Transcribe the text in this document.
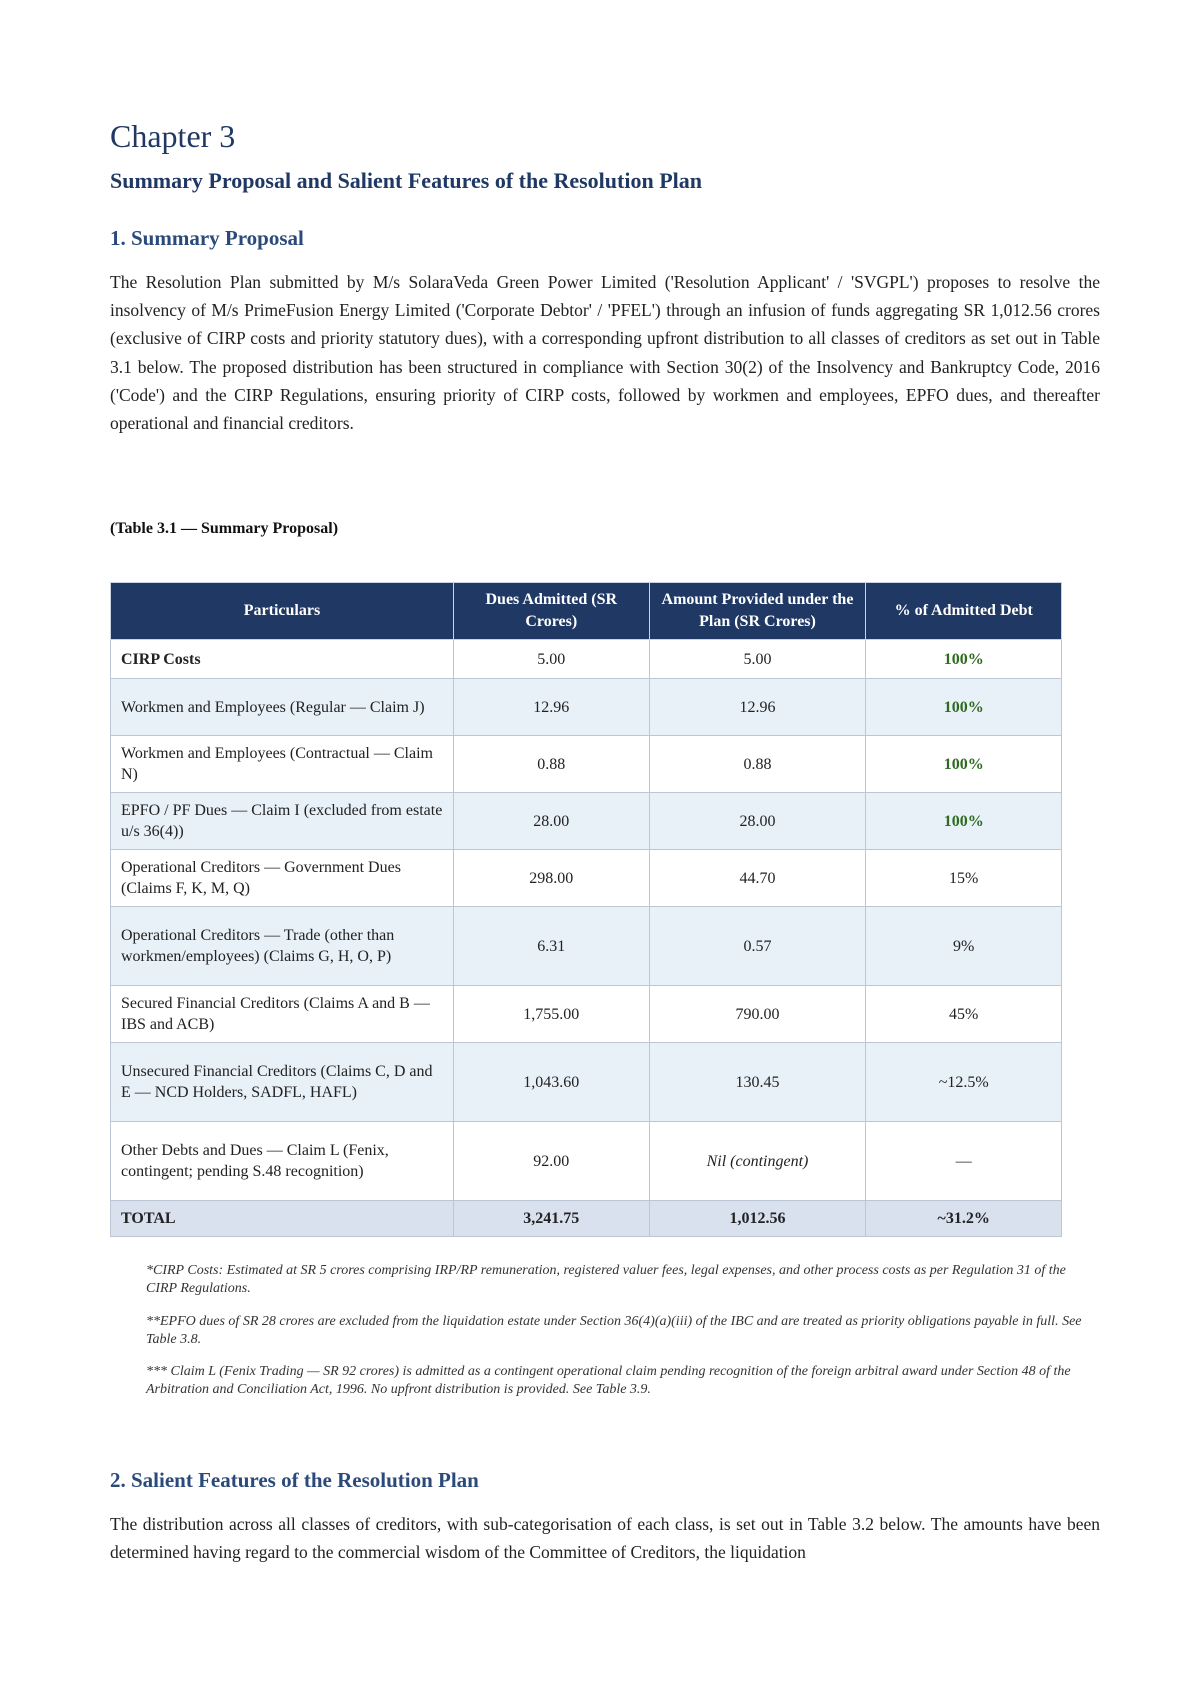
Chapter 3
Summary Proposal and Salient Features of the Resolution Plan
1. Summary Proposal

The Resolution Plan submitted by M/s SolaraVeda Green Power Limited ('Resolution Applicant' / 'SVGPL') proposes to resolve the insolvency of M/s PrimeFusion Energy Limited ('Corporate Debtor' / 'PFEL') through an infusion of funds aggregating SR 1,012.56 crores (exclusive of CIRP costs and priority statutory dues), with a corresponding upfront distribution to all classes of creditors as set out in Table 3.1 below. The proposed distribution has been structured in compliance with Section 30(2) of the Insolvency and Bankruptcy Code, 2016 ('Code') and the CIRP Regulations, ensuring priority of CIRP costs, followed by workmen and employees, EPFO dues, and thereafter operational and financial creditors.

(Table 3.1 — Summary Proposal)

Particulars	Dues Admitted (SR Crores)	Amount Provided under the Plan (SR Crores)	% of Admitted Debt
CIRP Costs	5.00	5.00	100%
Workmen and Employees (Regular — Claim J)	12.96	12.96	100%
Workmen and Employees (Contractual — Claim N)	0.88	0.88	100%
EPFO / PF Dues — Claim I (excluded from estate u/s 36(4))	28.00	28.00	100%
Operational Creditors — Government Dues (Claims F, K, M, Q)	298.00	44.70	15%
Operational Creditors — Trade (other than workmen/employees) (Claims G, H, O, P)	6.31	0.57	9%
Secured Financial Creditors (Claims A and B — IBS and ACB)	1,755.00	790.00	45%
Unsecured Financial Creditors (Claims C, D and E — NCD Holders, SADFL, HAFL)	1,043.60	130.45	~12.5%
Other Debts and Dues — Claim L (Fenix, contingent; pending S.48 recognition)	92.00	Nil (contingent)	—
TOTAL	3,241.75	1,012.56	~31.2%

*CIRP Costs: Estimated at SR 5 crores comprising IRP/RP remuneration, registered valuer fees, legal expenses, and other process costs as per Regulation 31 of the CIRP Regulations.

**EPFO dues of SR 28 crores are excluded from the liquidation estate under Section 36(4)(a)(iii) of the IBC and are treated as priority obligations payable in full. See Table 3.8.

*** Claim L (Fenix Trading — SR 92 crores) is admitted as a contingent operational claim pending recognition of the foreign arbitral award under Section 48 of the Arbitration and Conciliation Act, 1996. No upfront distribution is provided. See Table 3.9.

2. Salient Features of the Resolution Plan

The distribution across all classes of creditors, with sub-categorisation of each class, is set out in Table 3.2 below. The amounts have been determined having regard to the commercial wisdom of the Committee of Creditors, the liquidation
